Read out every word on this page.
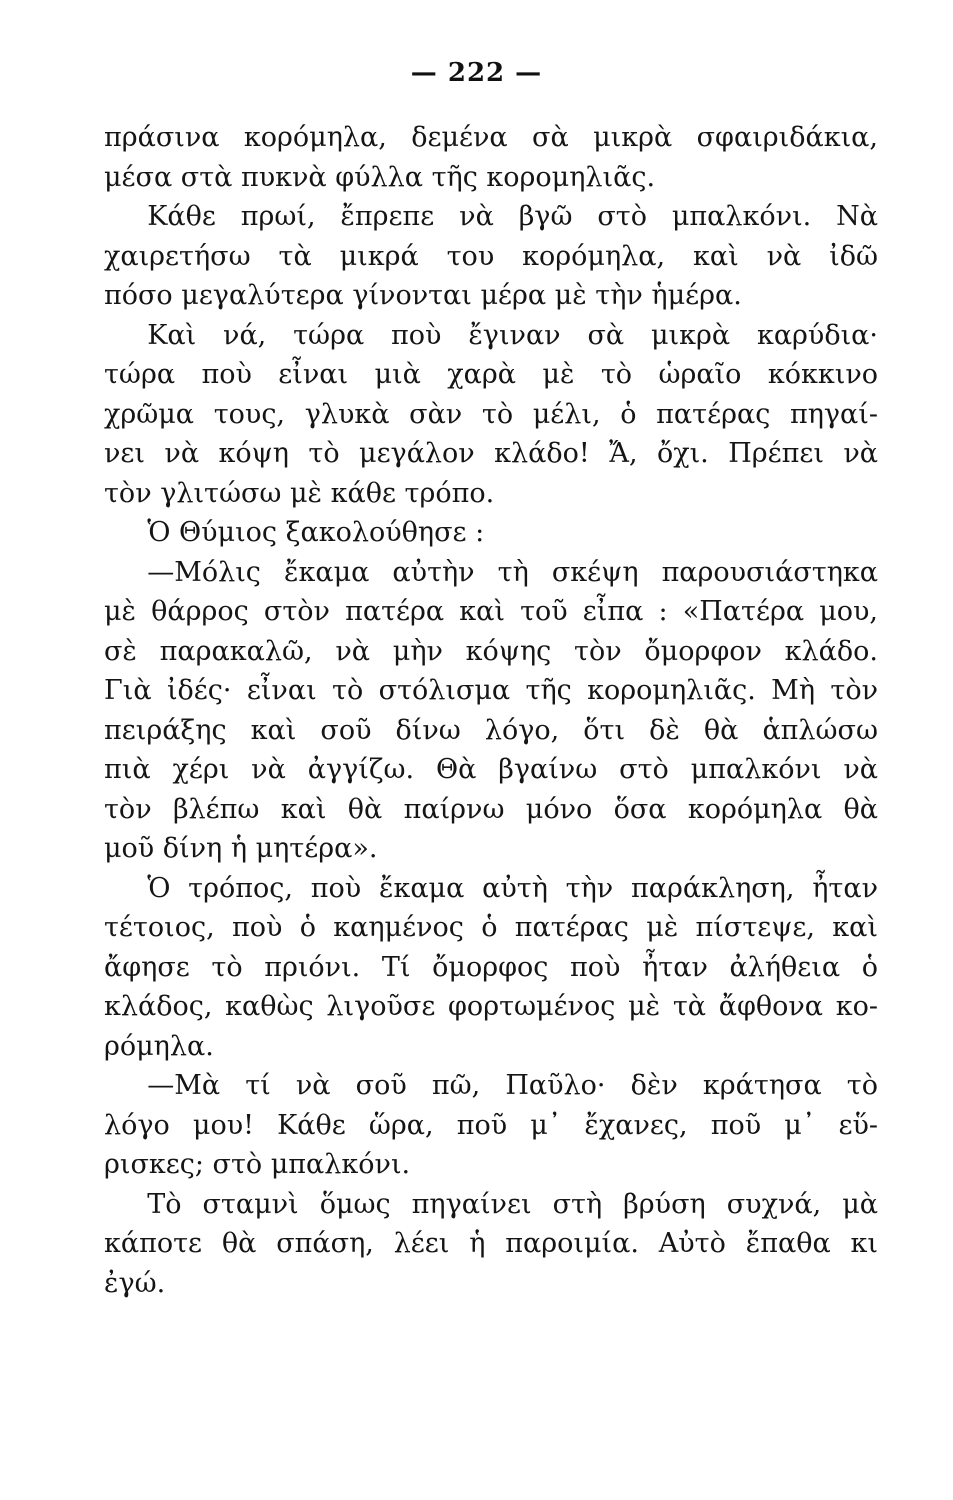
— 222 —
πράσινα κορόμηλα, δεμένα σὰ μικρὰ σφαιριδάκια,
μέσα στὰ πυκνὰ φύλλα τῆς κορομηλιᾶς.
Κάθε πρωί, ἔπρεπε νὰ βγῶ στὸ μπαλκόνι. Νὰ
χαιρετήσω τὰ μικρά του κορόμηλα, καὶ νὰ ἰδῶ
πόσο μεγαλύτερα γίνονται μέρα μὲ τὴν ἡμέρα.
Καὶ νά, τώρα ποὺ ἔγιναν σὰ μικρὰ καρύδια·
τώρα ποὺ εἶναι μιὰ χαρὰ μὲ τὸ ὡραῖο κόκκινο
χρῶμα τους, γλυκὰ σὰν τὸ μέλι, ὁ πατέρας πηγαί-
νει νὰ κόψη τὸ μεγάλον κλάδο! Ἄ, ὄχι. Πρέπει νὰ
τὸν γλιτώσω μὲ κάθε τρόπο.
Ὁ Θύμιος ξακολούθησε :
—Μόλις ἔκαμα αὐτὴν τὴ σκέψη παρουσιάστηκα
μὲ θάρρος στὸν πατέρα καὶ τοῦ εἶπα : «Πατέρα μου,
σὲ παρακαλῶ, νὰ μὴν κόψης τὸν ὄμορφον κλάδο.
Γιὰ ἰδές· εἶναι τὸ στόλισμα τῆς κορομηλιᾶς. Μὴ τὸν
πειράξης καὶ σοῦ δίνω λόγο, ὅτι δὲ θὰ ἁπλώσω
πιὰ χέρι νὰ ἀγγίζω. Θὰ βγαίνω στὸ μπαλκόνι νὰ
τὸν βλέπω καὶ θὰ παίρνω μόνο ὅσα κορόμηλα θὰ
μοῦ δίνη ἡ μητέρα».
Ὁ τρόπος, ποὺ ἔκαμα αὐτὴ τὴν παράκληση, ἦταν
τέτοιος, ποὺ ὁ καημένος ὁ πατέρας μὲ πίστεψε, καὶ
ἄφησε τὸ πριόνι. Τί ὄμορφος ποὺ ἦταν ἀλήθεια ὁ
κλάδος, καθὼς λιγοῦσε φορτωμένος μὲ τὰ ἄφθονα κο-
ρόμηλα.
—Μὰ τί νὰ σοῦ πῶ, Παῦλο· δὲν κράτησα τὸ
λόγο μου! Κάθε ὥρα, ποῦ μ᾽ ἔχανες, ποῦ μ᾽ εὕ-
ρισκες; στὸ μπαλκόνι.
Τὸ σταμνὶ ὅμως πηγαίνει στὴ βρύση συχνά, μὰ
κάποτε θὰ σπάση, λέει ἡ παροιμία. Αὐτὸ ἔπαθα κι
ἐγώ.
